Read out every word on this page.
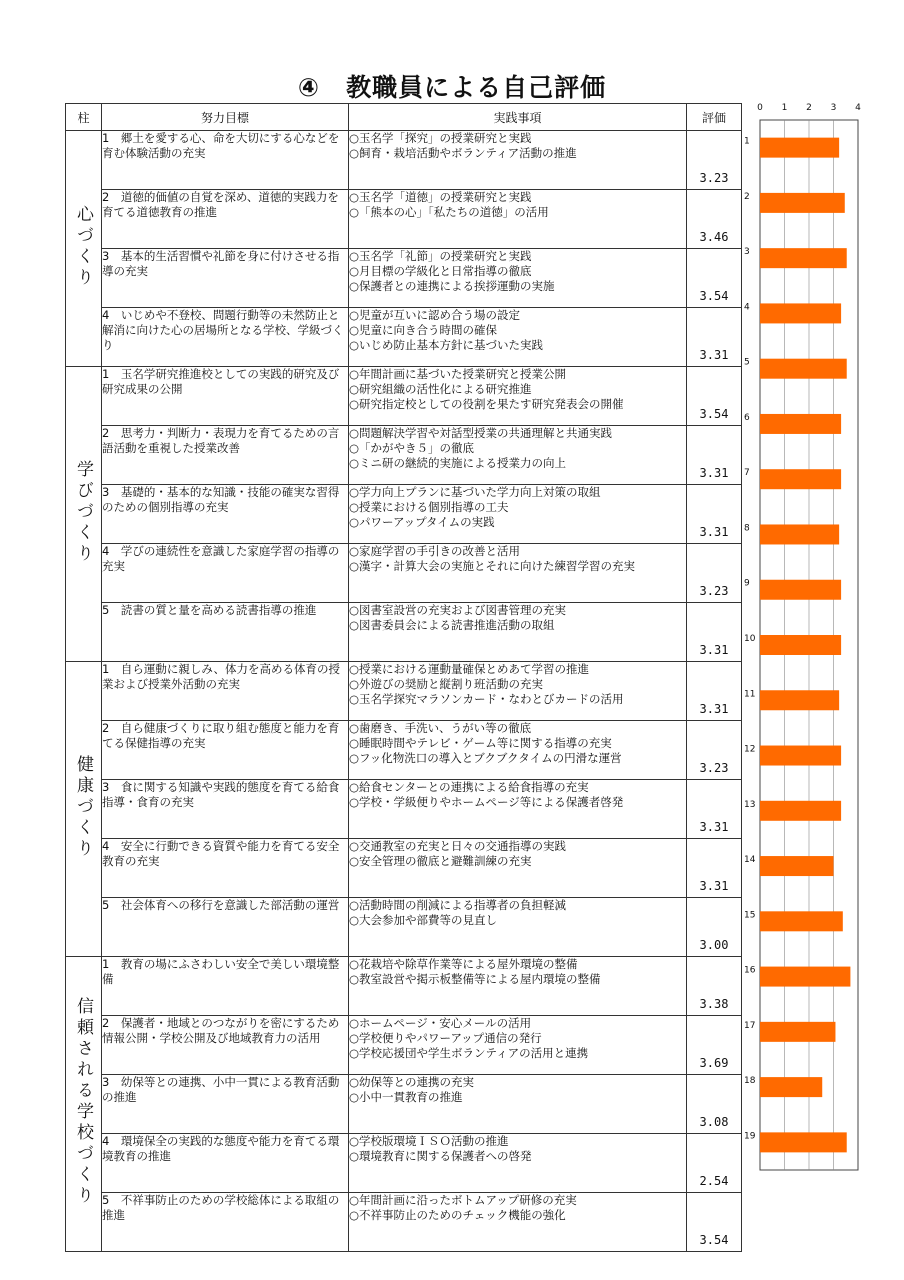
④　教職員による自己評価
柱	努力目標	実践事項	評価
心づくり	1　郷土を愛する心、命を大切にする心などを育む体験活動の充実	○玉名学「探究」の授業研究と実践
○飼育・栽培活動やボランティア活動の推進	3.23
	2　道徳的価値の自覚を深め、道徳的実践力を育てる道徳教育の推進	○玉名学「道徳」の授業研究と実践
○「熊本の心」「私たちの道徳」の活用	3.46
	3　基本的生活習慣や礼節を身に付けさせる指導の充実	○玉名学「礼節」の授業研究と実践
○月目標の学級化と日常指導の徹底
○保護者との連携による挨拶運動の実施	3.54
	4　いじめや不登校、問題行動等の未然防止と解消に向けた心の居場所となる学校、学級づくり	○児童が互いに認め合う場の設定
○児童に向き合う時間の確保
○いじめ防止基本方針に基づいた実践	3.31
学びづくり	1　玉名学研究推進校としての実践的研究及び研究成果の公開	○年間計画に基づいた授業研究と授業公開
○研究組織の活性化による研究推進
○研究指定校としての役割を果たす研究発表会の開催	3.54
	2　思考力・判断力・表現力を育てるための言語活動を重視した授業改善	○問題解決学習や対話型授業の共通理解と共通実践
○「かがやき５」の徹底
○ミニ研の継続的実施による授業力の向上	3.31
	3　基礎的・基本的な知識・技能の確実な習得のための個別指導の充実	○学力向上プランに基づいた学力向上対策の取組
○授業における個別指導の工夫
○パワーアップタイムの実践	3.31
	4　学びの連続性を意識した家庭学習の指導の充実	○家庭学習の手引きの改善と活用
○漢字・計算大会の実施とそれに向けた練習学習の充実	3.23
	5　読書の質と量を高める読書指導の推進	○図書室設営の充実および図書管理の充実
○図書委員会による読書推進活動の取組	3.31
健康づくり	1　自ら運動に親しみ、体力を高める体育の授業および授業外活動の充実	○授業における運動量確保とめあて学習の推進
○外遊びの奨励と縦割り班活動の充実
○玉名学探究マラソンカード・なわとびカードの活用	3.31
	2　自ら健康づくりに取り組む態度と能力を育てる保健指導の充実	○歯磨き、手洗い、うがい等の徹底
○睡眠時間やテレビ・ゲーム等に関する指導の充実
○フッ化物洗口の導入とブクブクタイムの円滑な運営	3.23
	3　食に関する知識や実践的態度を育てる給食指導・食育の充実	○給食センターとの連携による給食指導の充実
○学校・学級便りやホームページ等による保護者啓発	3.31
	4　安全に行動できる資質や能力を育てる安全教育の充実	○交通教室の充実と日々の交通指導の実践
○安全管理の徹底と避難訓練の充実	3.31
	5　社会体育への移行を意識した部活動の運営	○活動時間の削減による指導者の負担軽減
○大会参加や部費等の見直し	3.00
信頼される学校づくり	1　教育の場にふさわしい安全で美しい環境整備	○花栽培や除草作業等による屋外環境の整備
○教室設営や掲示板整備等による屋内環境の整備	3.38
	2　保護者・地域とのつながりを密にするため情報公開・学校公開及び地域教育力の活用	○ホームページ・安心メールの活用
○学校便りやパワーアップ通信の発行
○学校応援団や学生ボランティアの活用と連携	3.69
	3　幼保等との連携、小中一貫による教育活動の推進	○幼保等との連携の充実
○小中一貫教育の推進	3.08
	4　環境保全の実践的な態度や能力を育てる環境教育の推進	○学校版環境ＩＳＯ活動の推進
○環境教育に関する保護者への啓発	2.54
	5　不祥事防止のための学校総体による取組の推進	○年間計画に沿ったボトムアップ研修の充実
○不祥事防止のためのチェック機能の強化	3.54
0 1 2 3 4
1
2
3
4
5
6
7
8
9
10
11
12
13
14
15
16
17
18
19
